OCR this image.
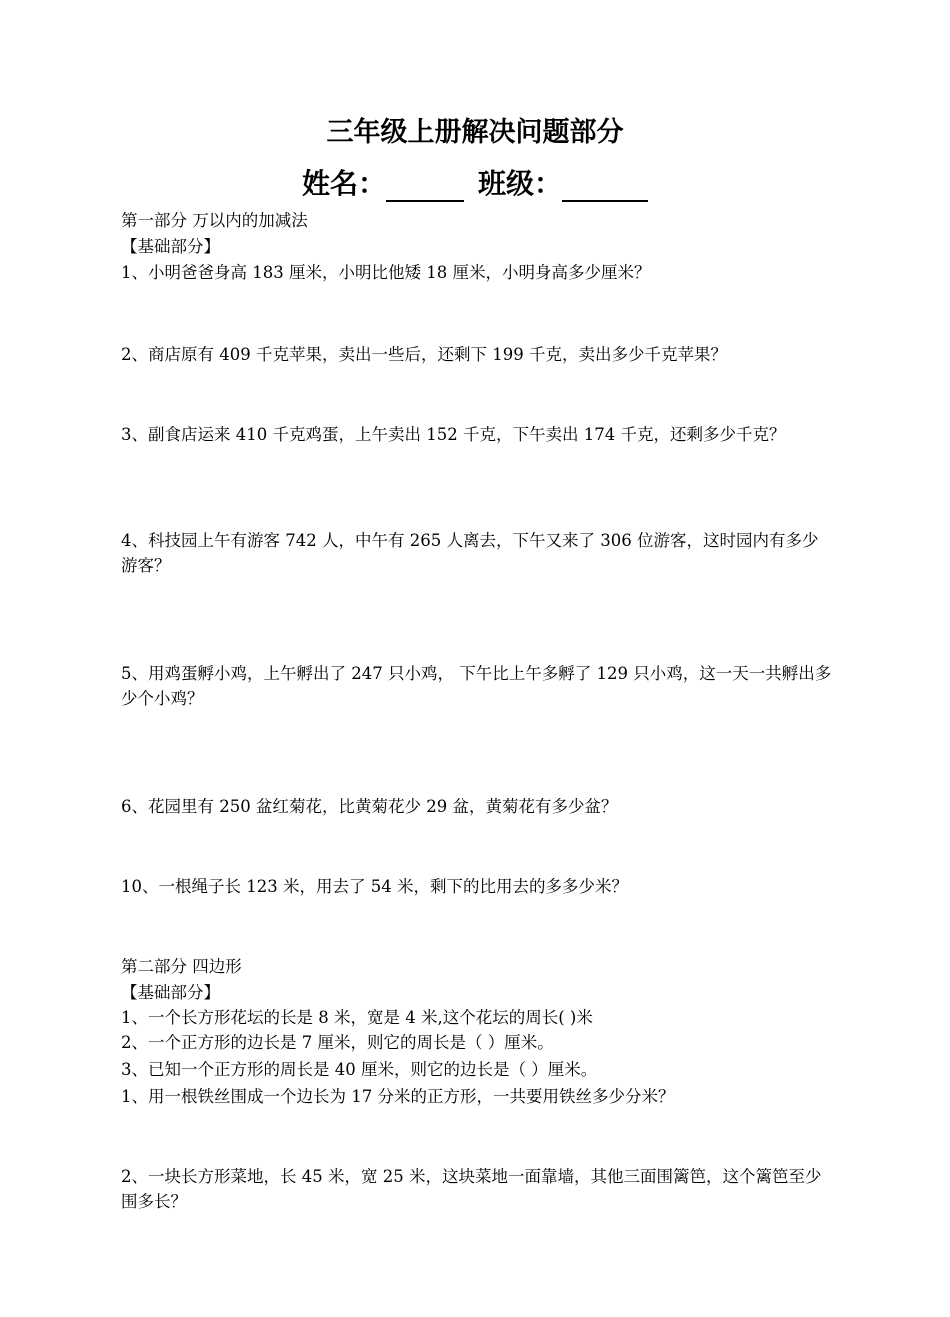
三年级上册解决问题部分
姓名：	班级：
第一部分 万以内的加减法
【基础部分】
1、小明爸爸身高 183 厘米，小明比他矮 18 厘米，小明身高多少厘米？
2、商店原有 409 千克苹果，卖出一些后，还剩下 199 千克，卖出多少千克苹果？
3、副食店运来 410 千克鸡蛋，上午卖出 152 千克，下午卖出 174 千克，还剩多少千克？
4、科技园上午有游客 742 人，中午有 265 人离去，下午又来了 306 位游客，这时园内有多少游客？
5、用鸡蛋孵小鸡，上午孵出了 247 只小鸡， 下午比上午多孵了 129 只小鸡，这一天一共孵出多少个小鸡？
6、花园里有 250 盆红菊花，比黄菊花少 29 盆，黄菊花有多少盆？
10、一根绳子长 123 米，用去了 54 米，剩下的比用去的多多少米？
第二部分 四边形
【基础部分】
1、一个长方形花坛的长是 8 米，宽是 4 米,这个花坛的周长( )米
2、一个正方形的边长是 7 厘米，则它的周长是（ ）厘米。
3、已知一个正方形的周长是 40 厘米，则它的边长是（ ）厘米。
1、用一根铁丝围成一个边长为 17 分米的正方形，一共要用铁丝多少分米？
2、一块长方形菜地，长 45 米，宽 25 米，这块菜地一面靠墙，其他三面围篱笆，这个篱笆至少围多长？
